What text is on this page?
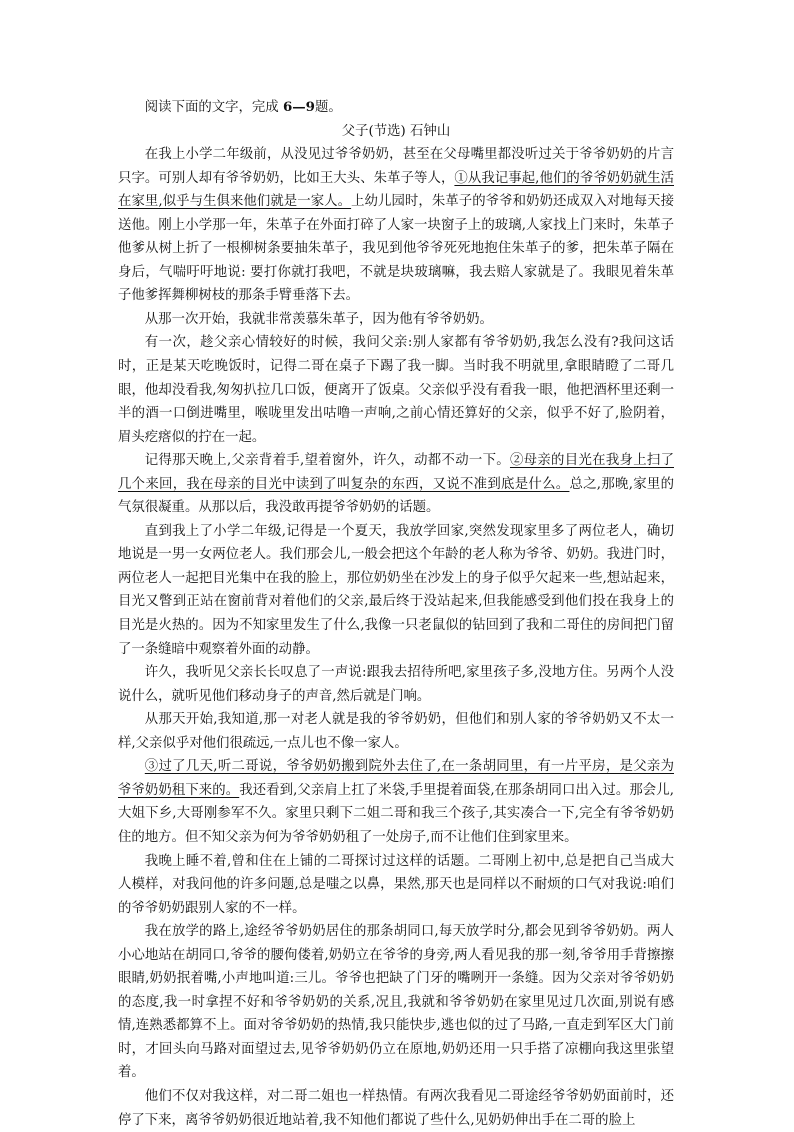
阅读下面的文字，完成 6—9题。

父子(节选) 石钟山

在我上小学二年级前，从没见过爷爷奶奶，甚至在父母嘴里都没听过关于爷爷奶奶的片言只字。可别人却有爷爷奶奶，比如王大头、朱革子等人，①从我记事起,他们的爷爷奶奶就生活在家里,似乎与生俱来他们就是一家人。上幼儿园时，朱革子的爷爷和奶奶还成双入对地每天接送他。刚上小学那一年，朱革子在外面打碎了人家一块窗子上的玻璃,人家找上门来时，朱革子他爹从树上折了一根柳树条要抽朱革子，我见到他爷爷死死地抱住朱革子的爹，把朱革子隔在身后，气喘吁吁地说: 要打你就打我吧，不就是块玻璃嘛，我去赔人家就是了。我眼见着朱革子他爹挥舞柳树枝的那条手臂垂落下去。

从那一次开始，我就非常羡慕朱革子，因为他有爷爷奶奶。

有一次，趁父亲心情较好的时候，我问父亲:别人家都有爷爷奶奶,我怎么没有?我问这话时，正是某天吃晚饭时，记得二哥在桌子下踢了我一脚。当时我不明就里,拿眼睛瞪了二哥几眼，他却没看我,匆匆扒拉几口饭，便离开了饭桌。父亲似乎没有看我一眼，他把酒杯里还剩一半的酒一口倒进嘴里，喉咙里发出咕噜一声响,之前心情还算好的父亲，似乎不好了,脸阴着，眉头疙瘩似的拧在一起。

记得那天晚上,父亲背着手,望着窗外，许久，动都不动一下。②母亲的目光在我身上扫了几个来回，我在母亲的目光中读到了叫复杂的东西，又说不准到底是什么。总之,那晚,家里的气氛很凝重。从那以后，我没敢再提爷爷奶奶的话题。

直到我上了小学二年级,记得是一个夏天，我放学回家,突然发现家里多了两位老人，确切地说是一男一女两位老人。我们那会儿,一般会把这个年龄的老人称为爷爷、奶奶。我进门时，两位老人一起把目光集中在我的脸上，那位奶奶坐在沙发上的身子似乎欠起来一些,想站起来，目光又瞥到正站在窗前背对着他们的父亲,最后终于没站起来,但我能感受到他们投在我身上的目光是火热的。因为不知家里发生了什么,我像一只老鼠似的钻回到了我和二哥住的房间把门留了一条缝暗中观察着外面的动静。

许久，我听见父亲长长叹息了一声说:跟我去招待所吧,家里孩子多,没地方住。另两个人没说什么，就听见他们移动身子的声音,然后就是门响。

从那天开始,我知道,那一对老人就是我的爷爷奶奶，但他们和别人家的爷爷奶奶又不太一样,父亲似乎对他们很疏远,一点儿也不像一家人。

③过了几天,听二哥说，爷爷奶奶搬到院外去住了,在一条胡同里，有一片平房，是父亲为爷爷奶奶租下来的。我还看到,父亲肩上扛了米袋,手里提着面袋,在那条胡同口出入过。那会儿,大姐下乡,大哥刚参军不久。家里只剩下二姐二哥和我三个孩子,其实凑合一下,完全有爷爷奶奶住的地方。但不知父亲为何为爷爷奶奶租了一处房子,而不让他们住到家里来。

我晚上睡不着,曾和住在上铺的二哥探讨过这样的话题。二哥刚上初中,总是把自己当成大人模样，对我问他的许多问题,总是嗤之以鼻，果然,那天也是同样以不耐烦的口气对我说:咱们的爷爷奶奶跟别人家的不一样。

我在放学的路上,途经爷爷奶奶居住的那条胡同口,每天放学时分,都会见到爷爷奶奶。两人小心地站在胡同口,爷爷的腰佝偻着,奶奶立在爷爷的身旁,两人看见我的那一刻,爷爷用手背擦擦眼睛,奶奶抿着嘴,小声地叫道:三儿。爷爷也把缺了门牙的嘴咧开一条缝。因为父亲对爷爷奶奶的态度,我一时拿捏不好和爷爷奶奶的关系,况且,我就和爷爷奶奶在家里见过几次面,别说有感情,连熟悉都算不上。面对爷爷奶奶的热情,我只能快步,逃也似的过了马路,一直走到军区大门前时，才回头向马路对面望过去,见爷爷奶奶仍立在原地,奶奶还用一只手搭了凉棚向我这里张望着。

他们不仅对我这样，对二哥二姐也一样热情。有两次我看见二哥途经爷爷奶奶面前时，还停了下来，离爷爷奶奶很近地站着,我不知他们都说了些什么,见奶奶伸出手在二哥的脸上
